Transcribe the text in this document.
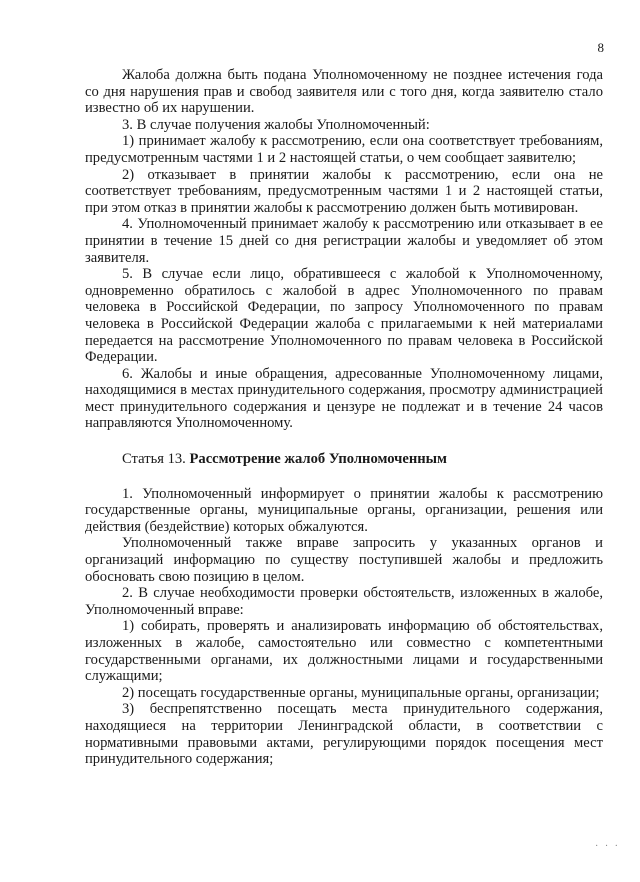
8

Жалоба должна быть подана Уполномоченному не позднее истечения года со дня нарушения прав и свобод заявителя или с того дня, когда заявителю стало известно об их нарушении.

3. В случае получения жалобы Уполномоченный:

1) принимает жалобу к рассмотрению, если она соответствует требованиям, предусмотренным частями 1 и 2 настоящей статьи, о чем сообщает заявителю;

2) отказывает в принятии жалобы к рассмотрению, если она не соответствует требованиям, предусмотренным частями 1 и 2 настоящей статьи, при этом отказ в принятии жалобы к рассмотрению должен быть мотивирован.

4. Уполномоченный принимает жалобу к рассмотрению или отказывает в ее принятии в течение 15 дней со дня регистрации жалобы и уведомляет об этом заявителя.

5. В случае если лицо, обратившееся с жалобой к Уполномоченному, одновременно обратилось с жалобой в адрес Уполномоченного по правам человека в Российской Федерации, по запросу Уполномоченного по правам человека в Российской Федерации жалоба с прилагаемыми к ней материалами передается на рассмотрение Уполномоченного по правам человека в Российской Федерации.

6. Жалобы и иные обращения, адресованные Уполномоченному лицами, находящимися в местах принудительного содержания, просмотру администрацией мест принудительного содержания и цензуре не подлежат и в течение 24 часов направляются Уполномоченному.

Статья 13. Рассмотрение жалоб Уполномоченным

1. Уполномоченный информирует о принятии жалобы к рассмотрению государственные органы, муниципальные органы, организации, решения или действия (бездействие) которых обжалуются.

Уполномоченный также вправе запросить у указанных органов и организаций информацию по существу поступившей жалобы и предложить обосновать свою позицию в целом.

2. В случае необходимости проверки обстоятельств, изложенных в жалобе, Уполномоченный вправе:

1) собирать, проверять и анализировать информацию об обстоятельствах, изложенных в жалобе, самостоятельно или совместно с компетентными государственными органами, их должностными лицами и государственными служащими;

2) посещать государственные органы, муниципальные органы, организации;

3) беспрепятственно посещать места принудительного содержания, находящиеся на территории Ленинградской области, в соответствии с нормативными правовыми актами, регулирующими порядок посещения мест принудительного содержания;

· · ·
